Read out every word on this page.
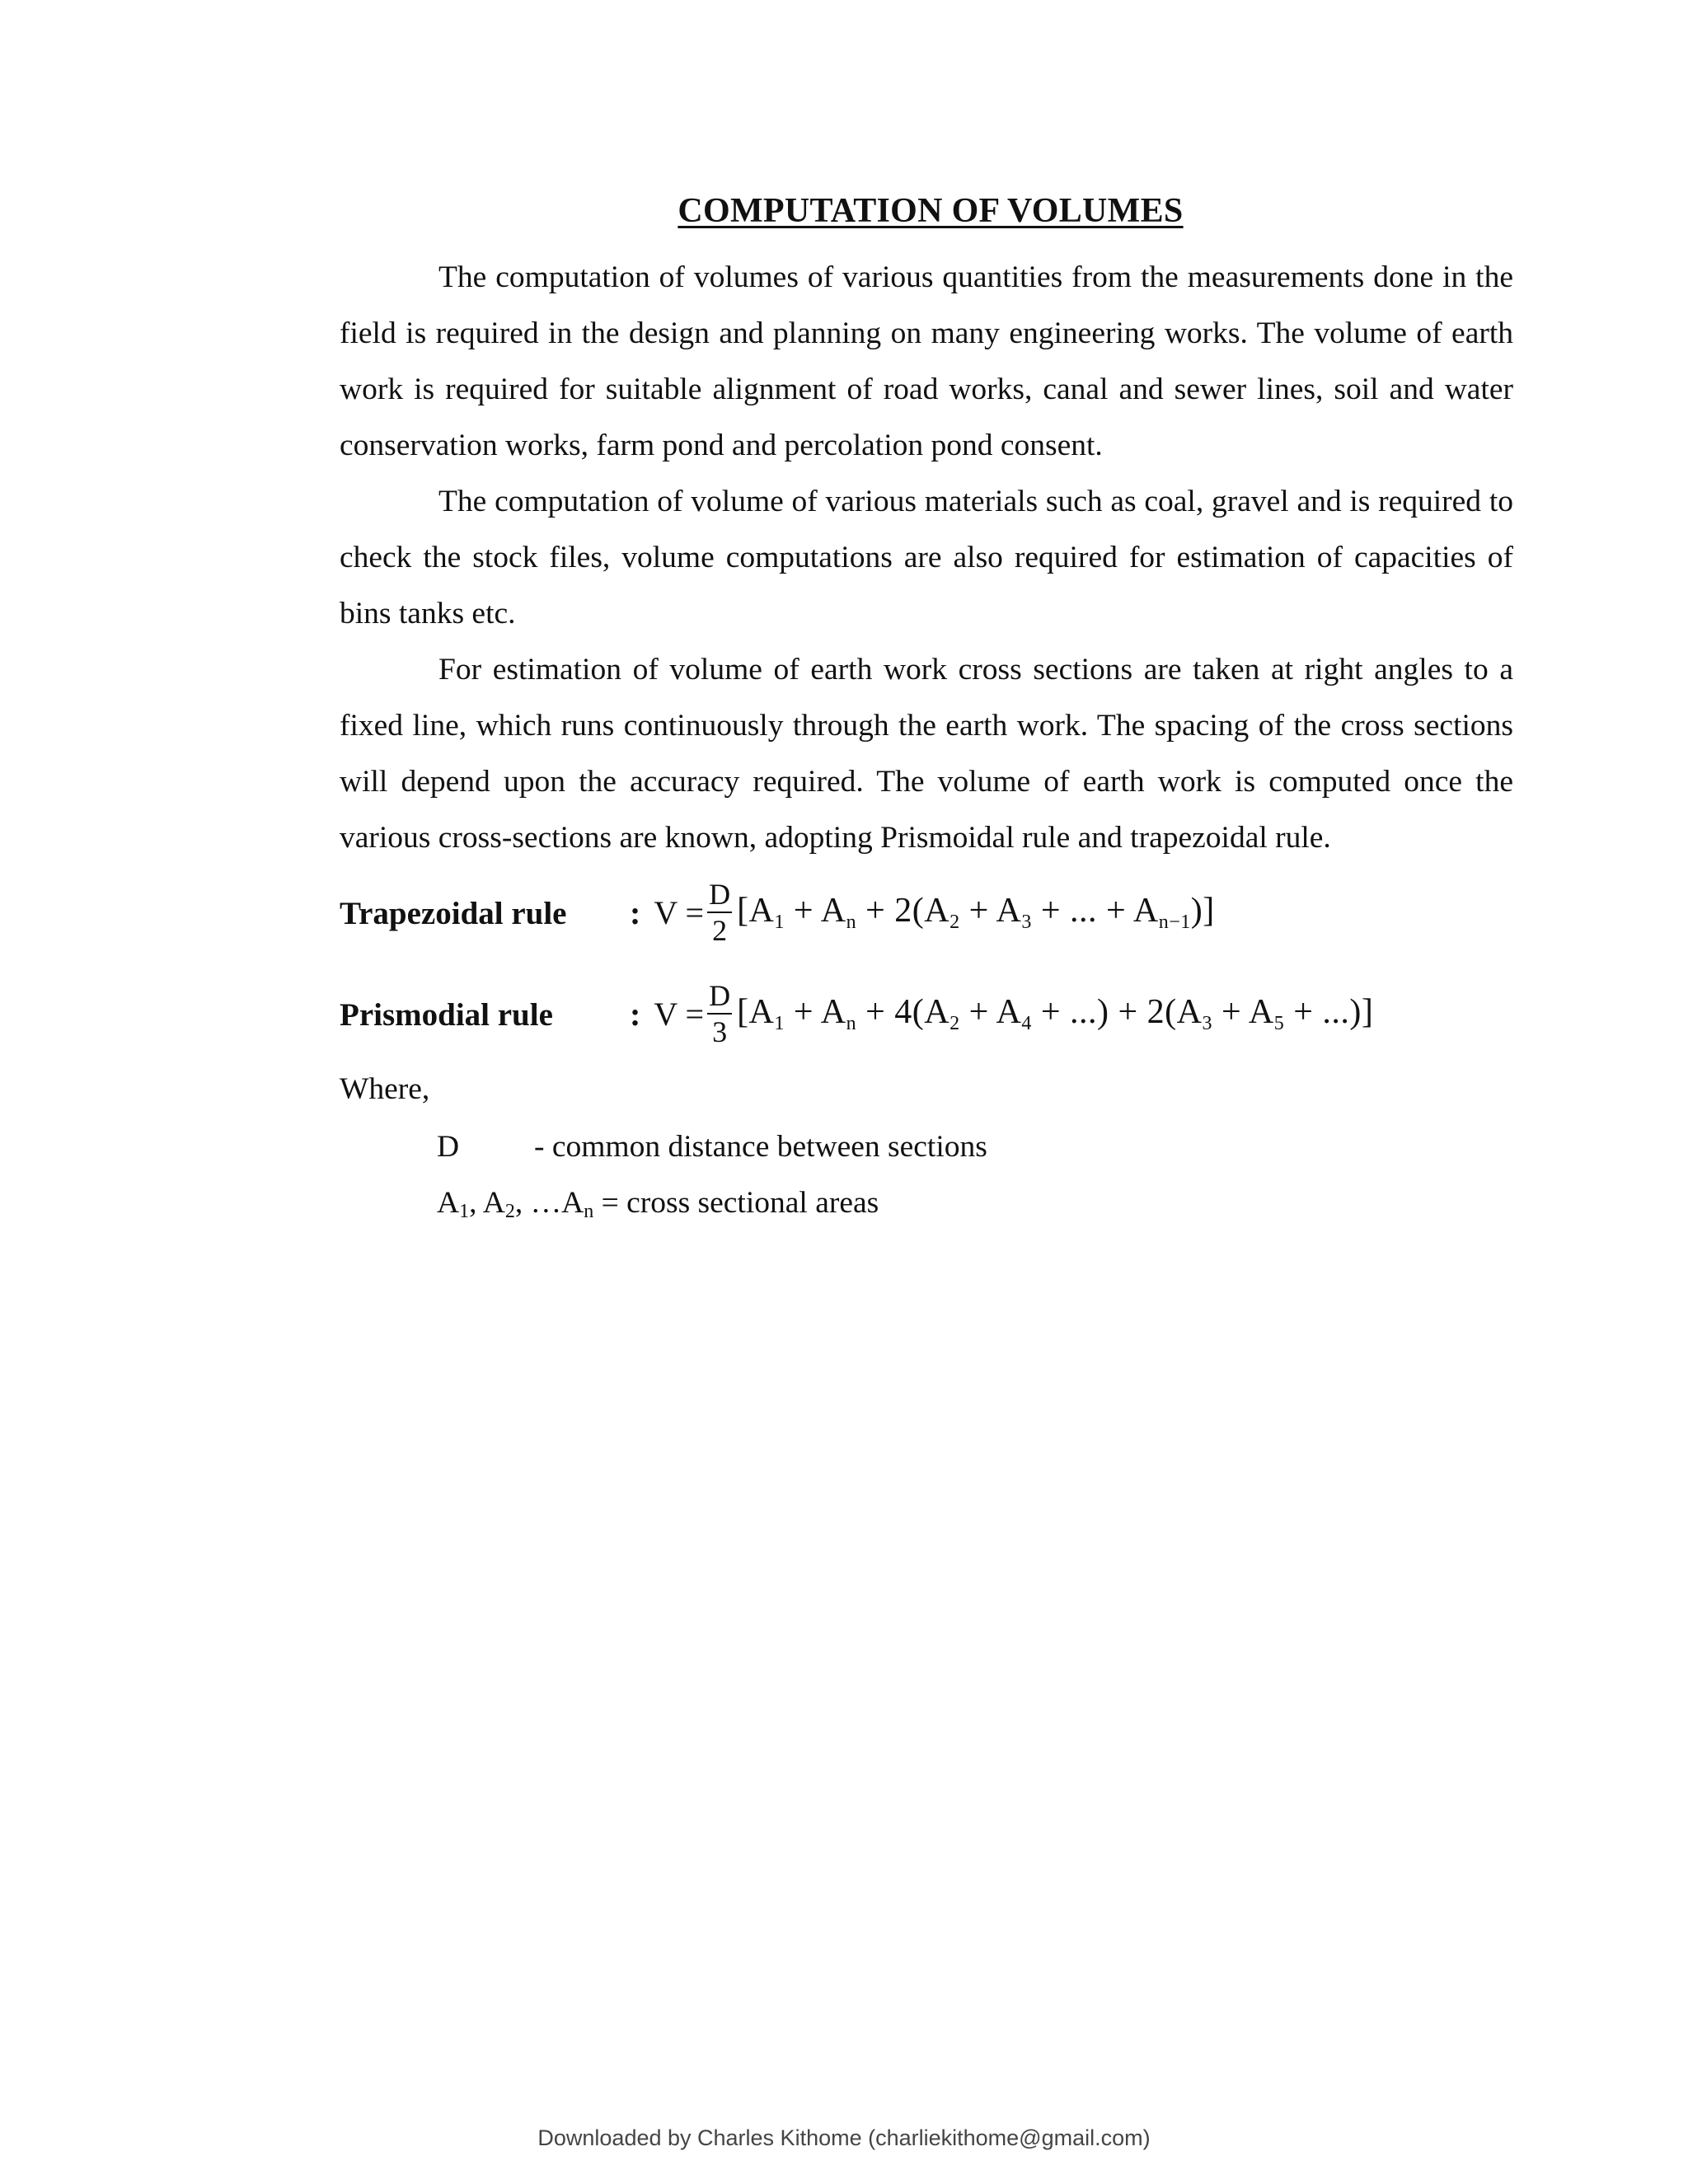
COMPUTATION OF VOLUMES

The computation of volumes of various quantities from the measurements done in the field is required in the design and planning on many engineering works. The volume of earth work is required for suitable alignment of road works, canal and sewer lines, soil and water conservation works, farm pond and percolation pond consent.

The computation of volume of various materials such as coal, gravel and is required to check the stock files, volume computations are also required for estimation of capacities of bins tanks etc.

For estimation of volume of earth work cross sections are taken at right angles to a fixed line, which runs continuously through the earth work. The spacing of the cross sections will depend upon the accuracy required. The volume of earth work is computed once the various cross-sections are known, adopting Prismoidal rule and trapezoidal rule.

Trapezoidal rule : $V = \frac{D}{2} [A_1 + A_n + 2(A_2 + A_3$ + ... + $A_{n-1}$)]
Prismodial rule : $V = \frac{D}{3} [A_1 + A_n + 4(A_2 + A_4$ + ...) + $2(A_3 + A_5$ + ...)]
Where,
D - common distance between sections
$A_1$, $A_2$, $\dots A_n$ = cross sectional areas
Downloaded by Charles Kithome (charliekithome@gmail.com)
